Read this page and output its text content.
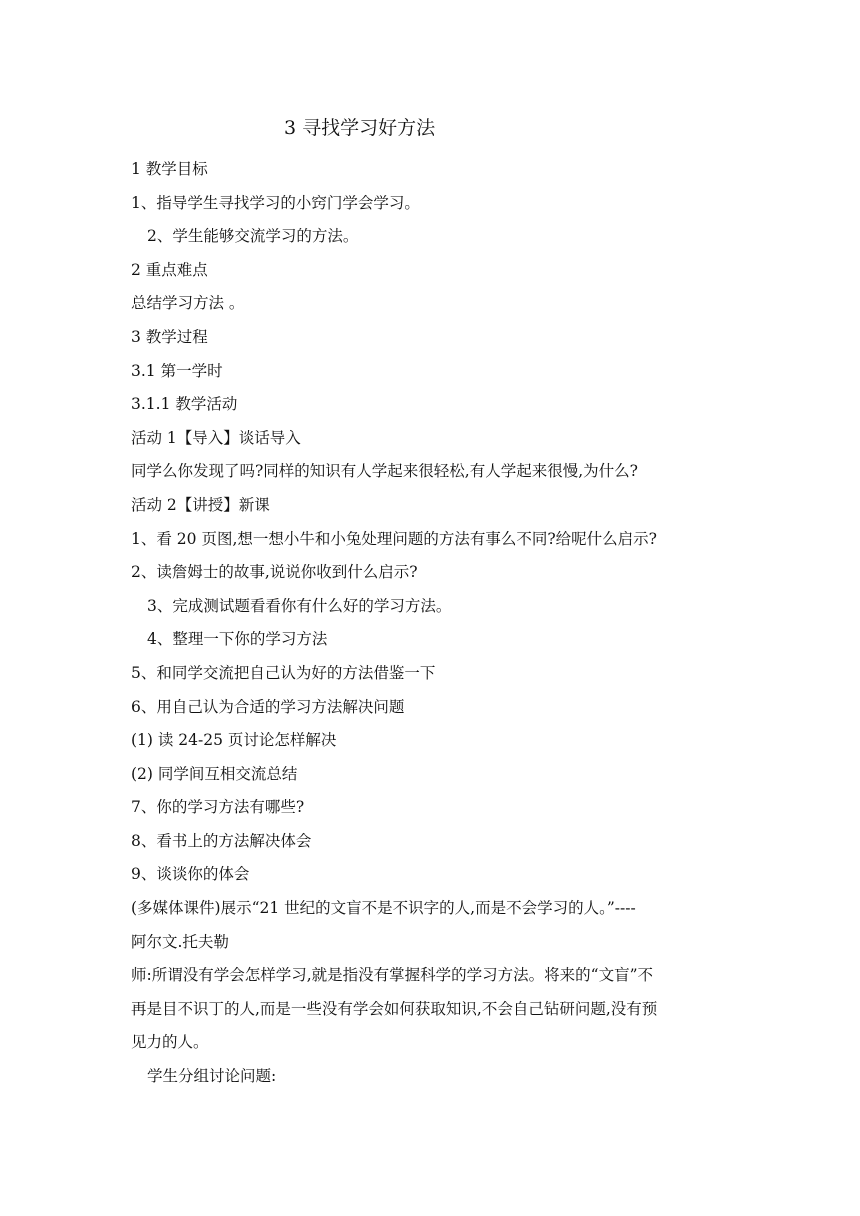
3 寻找学习好方法
1 教学目标
1、指导学生寻找学习的小窍门学会学习。
2、学生能够交流学习的方法。
2 重点难点
总结学习方法 。
3 教学过程
3.1 第一学时
3.1.1 教学活动
活动 1【导入】谈话导入
同学么你发现了吗?同样的知识有人学起来很轻松,有人学起来很慢,为什么?
活动 2【讲授】新课
1、看 20 页图,想一想小牛和小兔处理问题的方法有事么不同?给呢什么启示?
2、读詹姆士的故事,说说你收到什么启示?
3、完成测试题看看你有什么好的学习方法。
4、整理一下你的学习方法
5、和同学交流把自己认为好的方法借鉴一下
6、用自己认为合适的学习方法解决问题
(1) 读 24-25 页讨论怎样解决
(2) 同学间互相交流总结
7、你的学习方法有哪些?
8、看书上的方法解决体会
9、谈谈你的体会
(多媒体课件)展示“21 世纪的文盲不是不识字的人,而是不会学习的人。”----
阿尔文.托夫勒
师:所谓没有学会怎样学习,就是指没有掌握科学的学习方法。将来的“文盲”不
再是目不识丁的人,而是一些没有学会如何获取知识,不会自己钻研问题,没有预
见力的人。
学生分组讨论问题:
